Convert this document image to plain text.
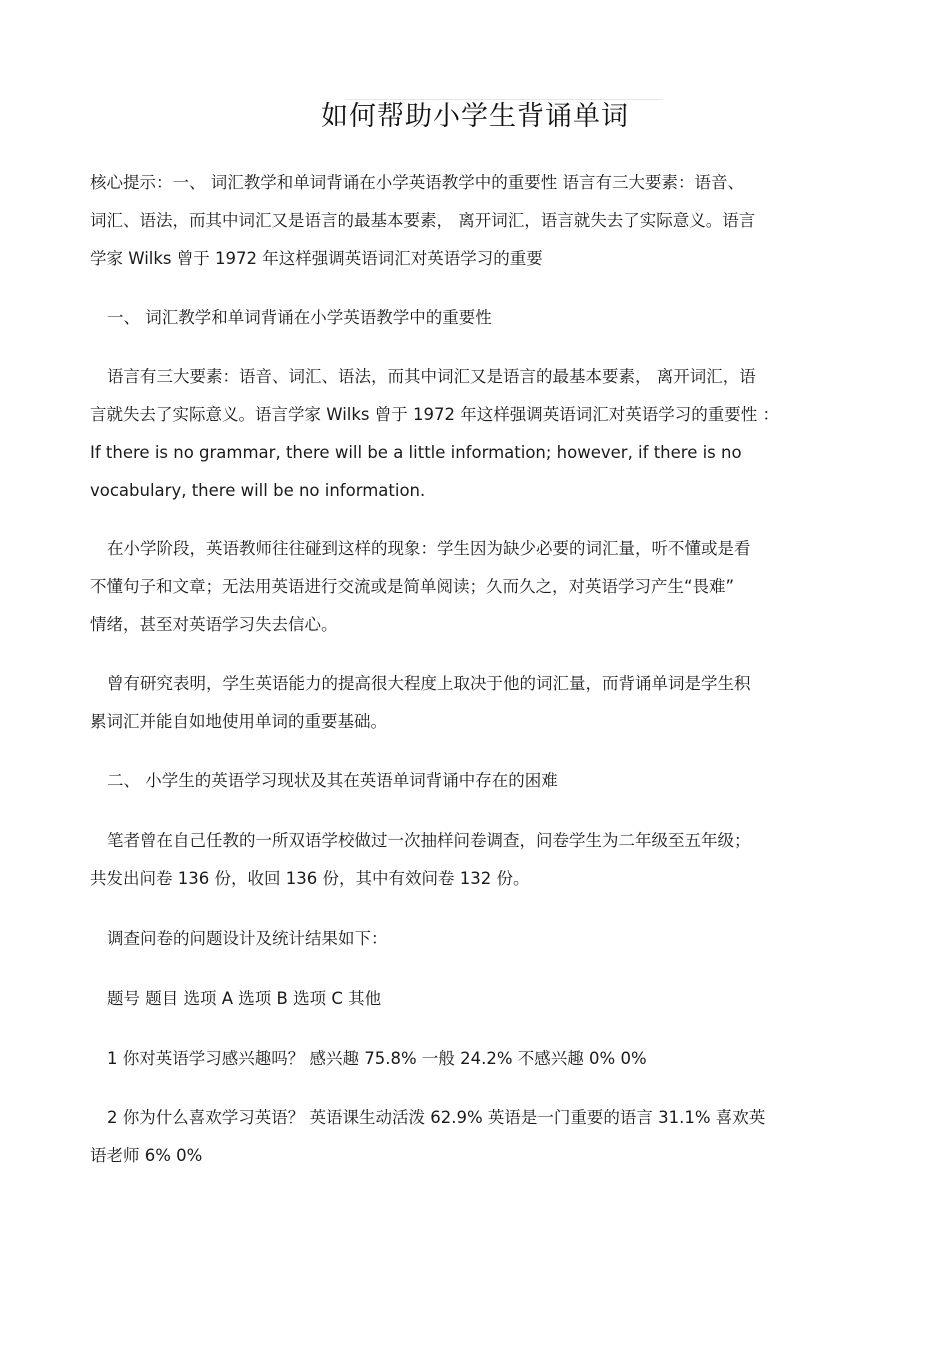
如何帮助小学生背诵单词
核心提示：一、 词汇教学和单词背诵在小学英语教学中的重要性 语言有三大要素：语音、
词汇、语法，而其中词汇又是语言的最基本要素， 离开词汇，语言就失去了实际意义。语言
学家 Wilks 曾于 1972 年这样强调英语词汇对英语学习的重要
一、 词汇教学和单词背诵在小学英语教学中的重要性
语言有三大要素：语音、词汇、语法，而其中词汇又是语言的最基本要素， 离开词汇，语
言就失去了实际意义。语言学家 Wilks 曾于 1972 年这样强调英语词汇对英语学习的重要性 ：
If there is no grammar, there will be a little information; however, if there is no
vocabulary, there will be no information.
在小学阶段，英语教师往往碰到这样的现象：学生因为缺少必要的词汇量，听不懂或是看
不懂句子和文章；无法用英语进行交流或是简单阅读；久而久之，对英语学习产生“畏难”
情绪，甚至对英语学习失去信心。
曾有研究表明，学生英语能力的提高很大程度上取决于他的词汇量，而背诵单词是学生积
累词汇并能自如地使用单词的重要基础。
二、 小学生的英语学习现状及其在英语单词背诵中存在的困难
笔者曾在自己任教的一所双语学校做过一次抽样问卷调查，问卷学生为二年级至五年级；
共发出问卷 136 份，收回 136 份，其中有效问卷 132 份。
调查问卷的问题设计及统计结果如下：
题号 题目 选项 A 选项 B 选项 C 其他
1 你对英语学习感兴趣吗？ 感兴趣 75.8% 一般 24.2% 不感兴趣 0% 0%
2 你为什么喜欢学习英语？ 英语课生动活泼 62.9% 英语是一门重要的语言 31.1% 喜欢英
语老师 6% 0%
